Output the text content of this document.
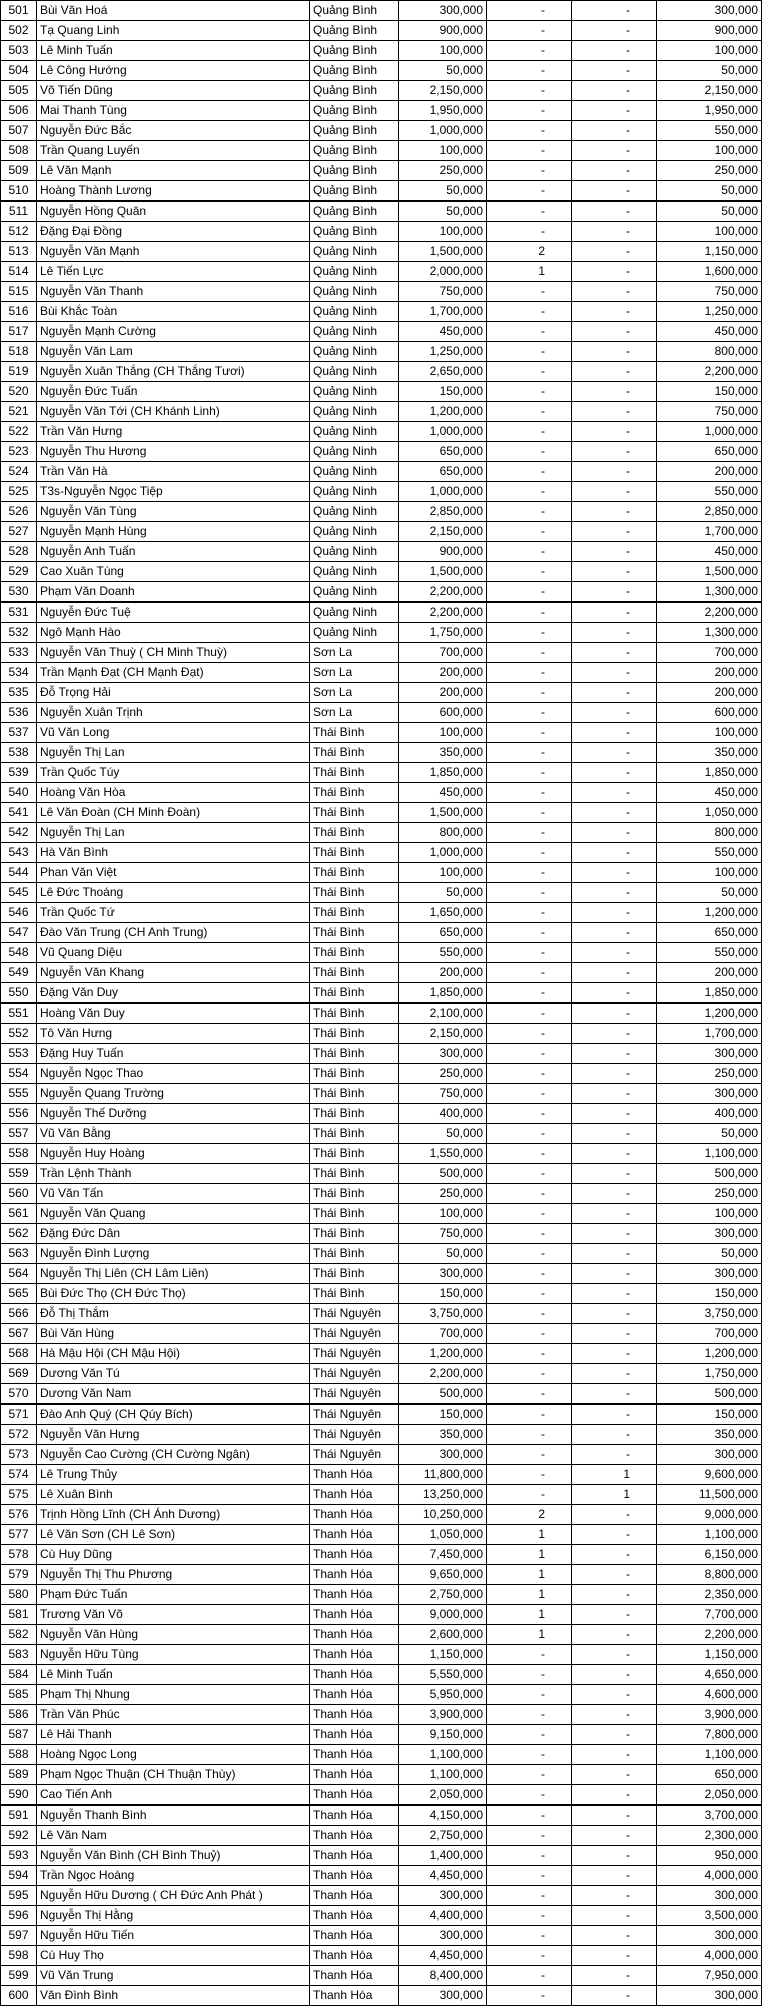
501	Bùi Văn Hoá	Quảng Bình	300,000	-	-	300,000
502	Tạ Quang Linh	Quảng Bình	900,000	-	-	900,000
503	Lê Minh Tuấn	Quảng Bình	100,000	-	-	100,000
504	Lê Công Hướng	Quảng Bình	50,000	-	-	50,000
505	Võ Tiến Dũng	Quảng Bình	2,150,000	-	-	2,150,000
506	Mai Thanh Tùng	Quảng Bình	1,950,000	-	-	1,950,000
507	Nguyễn Đức Bắc	Quảng Bình	1,000,000	-	-	550,000
508	Trần Quang Luyến	Quảng Bình	100,000	-	-	100,000
509	Lê Văn Mạnh	Quảng Bình	250,000	-	-	250,000
510	Hoàng Thành Lương	Quảng Bình	50,000	-	-	50,000
511	Nguyễn Hồng Quân	Quảng Bình	50,000	-	-	50,000
512	Đặng Đại Đồng	Quảng Bình	100,000	-	-	100,000
513	Nguyễn Văn Mạnh	Quảng Ninh	1,500,000	2	-	1,150,000
514	Lê Tiến Lực	Quảng Ninh	2,000,000	1	-	1,600,000
515	Nguyễn Văn Thanh	Quảng Ninh	750,000	-	-	750,000
516	Bùi Khắc Toàn	Quảng Ninh	1,700,000	-	-	1,250,000
517	Nguyễn Mạnh Cường	Quảng Ninh	450,000	-	-	450,000
518	Nguyễn Văn Lam	Quảng Ninh	1,250,000	-	-	800,000
519	Nguyễn Xuân Thắng (CH Thắng Tươi)	Quảng Ninh	2,650,000	-	-	2,200,000
520	Nguyễn Đức Tuấn	Quảng Ninh	150,000	-	-	150,000
521	Nguyễn Văn Tới (CH Khánh Linh)	Quảng Ninh	1,200,000	-	-	750,000
522	Trần Văn Hưng	Quảng Ninh	1,000,000	-	-	1,000,000
523	Nguyễn Thu Hương	Quảng Ninh	650,000	-	-	650,000
524	Trần Văn Hà	Quảng Ninh	650,000	-	-	200,000
525	T3s-Nguyễn Ngọc Tiệp	Quảng Ninh	1,000,000	-	-	550,000
526	Nguyễn Văn Tùng	Quảng Ninh	2,850,000	-	-	2,850,000
527	Nguyễn Mạnh Hùng	Quảng Ninh	2,150,000	-	-	1,700,000
528	Nguyễn Anh Tuấn	Quảng Ninh	900,000	-	-	450,000
529	Cao Xuân Tùng	Quảng Ninh	1,500,000	-	-	1,500,000
530	Phạm Văn Doanh	Quảng Ninh	2,200,000	-	-	1,300,000
531	Nguyễn Đức Tuệ	Quảng Ninh	2,200,000	-	-	2,200,000
532	Ngô Mạnh Hào	Quảng Ninh	1,750,000	-	-	1,300,000
533	Nguyễn Văn Thuỳ ( CH Minh Thuỳ)	Sơn La	700,000	-	-	700,000
534	Trần Mạnh Đạt (CH Mạnh Đạt)	Sơn La	200,000	-	-	200,000
535	Đỗ Trọng Hải	Sơn La	200,000	-	-	200,000
536	Nguyễn Xuân Trịnh	Sơn La	600,000	-	-	600,000
537	Vũ Văn Long	Thái Bình	100,000	-	-	100,000
538	Nguyễn Thị Lan	Thái Bình	350,000	-	-	350,000
539	Trần Quốc Túy	Thái Bình	1,850,000	-	-	1,850,000
540	Hoàng Văn Hòa	Thái Bình	450,000	-	-	450,000
541	Lê Văn Đoàn (CH Minh Đoàn)	Thái Bình	1,500,000	-	-	1,050,000
542	Nguyễn Thị Lan	Thái Bình	800,000	-	-	800,000
543	Hà Văn Bình	Thái Bình	1,000,000	-	-	550,000
544	Phan Văn Việt	Thái Bình	100,000	-	-	100,000
545	Lê Đức Thoáng	Thái Bình	50,000	-	-	50,000
546	Trần Quốc Tứ	Thái Bình	1,650,000	-	-	1,200,000
547	Đào Văn Trung (CH Anh Trung)	Thái Bình	650,000	-	-	650,000
548	Vũ Quang Diệu	Thái Bình	550,000	-	-	550,000
549	Nguyễn Văn Khang	Thái Bình	200,000	-	-	200,000
550	Đặng Văn Duy	Thái Bình	1,850,000	-	-	1,850,000
551	Hoàng Văn Duy	Thái Bình	2,100,000	-	-	1,200,000
552	Tô Văn Hưng	Thái Bình	2,150,000	-	-	1,700,000
553	Đặng Huy Tuấn	Thái Bình	300,000	-	-	300,000
554	Nguyễn Ngọc Thao	Thái Bình	250,000	-	-	250,000
555	Nguyễn Quang Trường	Thái Bình	750,000	-	-	300,000
556	Nguyễn Thế Dưỡng	Thái Bình	400,000	-	-	400,000
557	Vũ Văn Bằng	Thái Bình	50,000	-	-	50,000
558	Nguyễn Huy Hoàng	Thái Bình	1,550,000	-	-	1,100,000
559	Trần Lệnh Thành	Thái Bình	500,000	-	-	500,000
560	Vũ Văn Tấn	Thái Bình	250,000	-	-	250,000
561	Nguyễn Văn Quang	Thái Bình	100,000	-	-	100,000
562	Đặng Đức Dân	Thái Bình	750,000	-	-	300,000
563	Nguyễn Đình Lượng	Thái Bình	50,000	-	-	50,000
564	Nguyễn Thị Liên (CH Lâm Liên)	Thái Bình	300,000	-	-	300,000
565	Bùi Đức Thọ (CH Đức Thọ)	Thái Bình	150,000	-	-	150,000
566	Đỗ Thị Thắm	Thái Nguyên	3,750,000	-	-	3,750,000
567	Bùi Văn Hùng	Thái Nguyên	700,000	-	-	700,000
568	Hà Mậu Hội (CH Mậu Hội)	Thái Nguyên	1,200,000	-	-	1,200,000
569	Dương Văn Tú	Thái Nguyên	2,200,000	-	-	1,750,000
570	Dương Văn Nam	Thái Nguyên	500,000	-	-	500,000
571	Đào Anh Quý (CH Qúy Bích)	Thái Nguyên	150,000	-	-	150,000
572	Nguyễn Văn Hưng	Thái Nguyên	350,000	-	-	350,000
573	Nguyễn Cao Cường (CH Cường Ngân)	Thái Nguyên	300,000	-	-	300,000
574	Lê Trung Thủy	Thanh Hóa	11,800,000	-	1	9,600,000
575	Lê Xuân Bình	Thanh Hóa	13,250,000	-	1	11,500,000
576	Trịnh Hồng Lĩnh (CH Ánh Dương)	Thanh Hóa	10,250,000	2	-	9,000,000
577	Lê Văn Sơn (CH Lê Sơn)	Thanh Hóa	1,050,000	1	-	1,100,000
578	Cù Huy Dũng	Thanh Hóa	7,450,000	1	-	6,150,000
579	Nguyễn Thị Thu Phương	Thanh Hóa	9,650,000	1	-	8,800,000
580	Phạm Đức Tuấn	Thanh Hóa	2,750,000	1	-	2,350,000
581	Trương Văn Võ	Thanh Hóa	9,000,000	1	-	7,700,000
582	Nguyễn Văn Hùng	Thanh Hóa	2,600,000	1	-	2,200,000
583	Nguyễn Hữu Tùng	Thanh Hóa	1,150,000	-	-	1,150,000
584	Lê Minh Tuấn	Thanh Hóa	5,550,000	-	-	4,650,000
585	Phạm Thị Nhung	Thanh Hóa	5,950,000	-	-	4,600,000
586	Trần Văn Phúc	Thanh Hóa	3,900,000	-	-	3,900,000
587	Lê Hải Thanh	Thanh Hóa	9,150,000	-	-	7,800,000
588	Hoàng Ngọc Long	Thanh Hóa	1,100,000	-	-	1,100,000
589	Phạm Ngọc Thuận (CH Thuận Thùy)	Thanh Hóa	1,100,000	-	-	650,000
590	Cao Tiến Anh	Thanh Hóa	2,050,000	-	-	2,050,000
591	Nguyễn Thanh Bình	Thanh Hóa	4,150,000	-	-	3,700,000
592	Lê Văn Nam	Thanh Hóa	2,750,000	-	-	2,300,000
593	Nguyễn Văn Bình (CH Bình Thuỷ)	Thanh Hóa	1,400,000	-	-	950,000
594	Trần Ngọc Hoàng	Thanh Hóa	4,450,000	-	-	4,000,000
595	Nguyễn Hữu Dương ( CH Đức Anh Phát )	Thanh Hóa	300,000	-	-	300,000
596	Nguyễn Thị Hằng	Thanh Hóa	4,400,000	-	-	3,500,000
597	Nguyễn Hữu Tiến	Thanh Hóa	300,000	-	-	300,000
598	Cù Huy Thọ	Thanh Hóa	4,450,000	-	-	4,000,000
599	Vũ Văn Trung	Thanh Hóa	8,400,000	-	-	7,950,000
600	Văn Đình Bình	Thanh Hóa	300,000	-	-	300,000
